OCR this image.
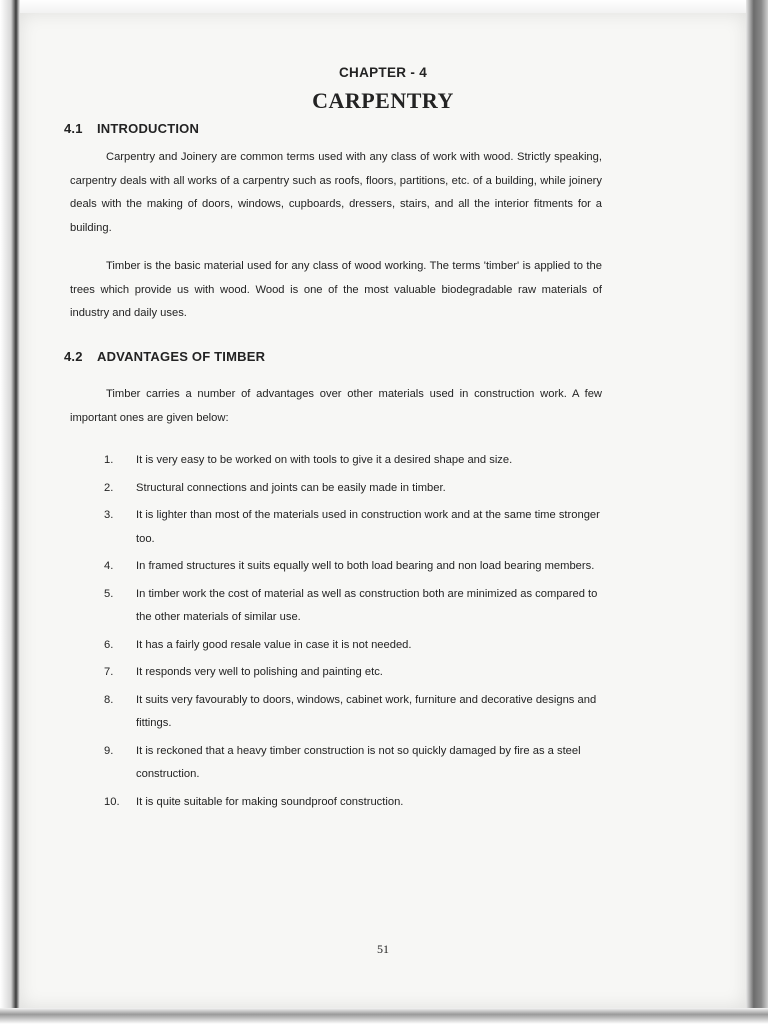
CHAPTER - 4
CARPENTRY
4.1 INTRODUCTION

Carpentry and Joinery are common terms used with any class of work with wood. Strictly speaking, carpentry deals with all works of a carpentry such as roofs, floors, partitions, etc. of a building, while joinery deals with the making of doors, windows, cupboards, dressers, stairs, and all the interior fitments for a building.

Timber is the basic material used for any class of wood working. The terms 'timber' is applied to the trees which provide us with wood. Wood is one of the most valuable biodegradable raw materials of industry and daily uses.

4.2 ADVANTAGES OF TIMBER

Timber carries a number of advantages over other materials used in construction work. A few important ones are given below:

1. It is very easy to be worked on with tools to give it a desired shape and size.
2. Structural connections and joints can be easily made in timber.
3. It is lighter than most of the materials used in construction work and at the same time stronger too.
4. In framed structures it suits equally well to both load bearing and non load bearing members.
5. In timber work the cost of material as well as construction both are minimized as compared to the other materials of similar use.
6. It has a fairly good resale value in case it is not needed.
7. It responds very well to polishing and painting etc.
8. It suits very favourably to doors, windows, cabinet work, furniture and decorative designs and fittings.
9. It is reckoned that a heavy timber construction is not so quickly damaged by fire as a steel construction.
10. It is quite suitable for making soundproof construction.
51
